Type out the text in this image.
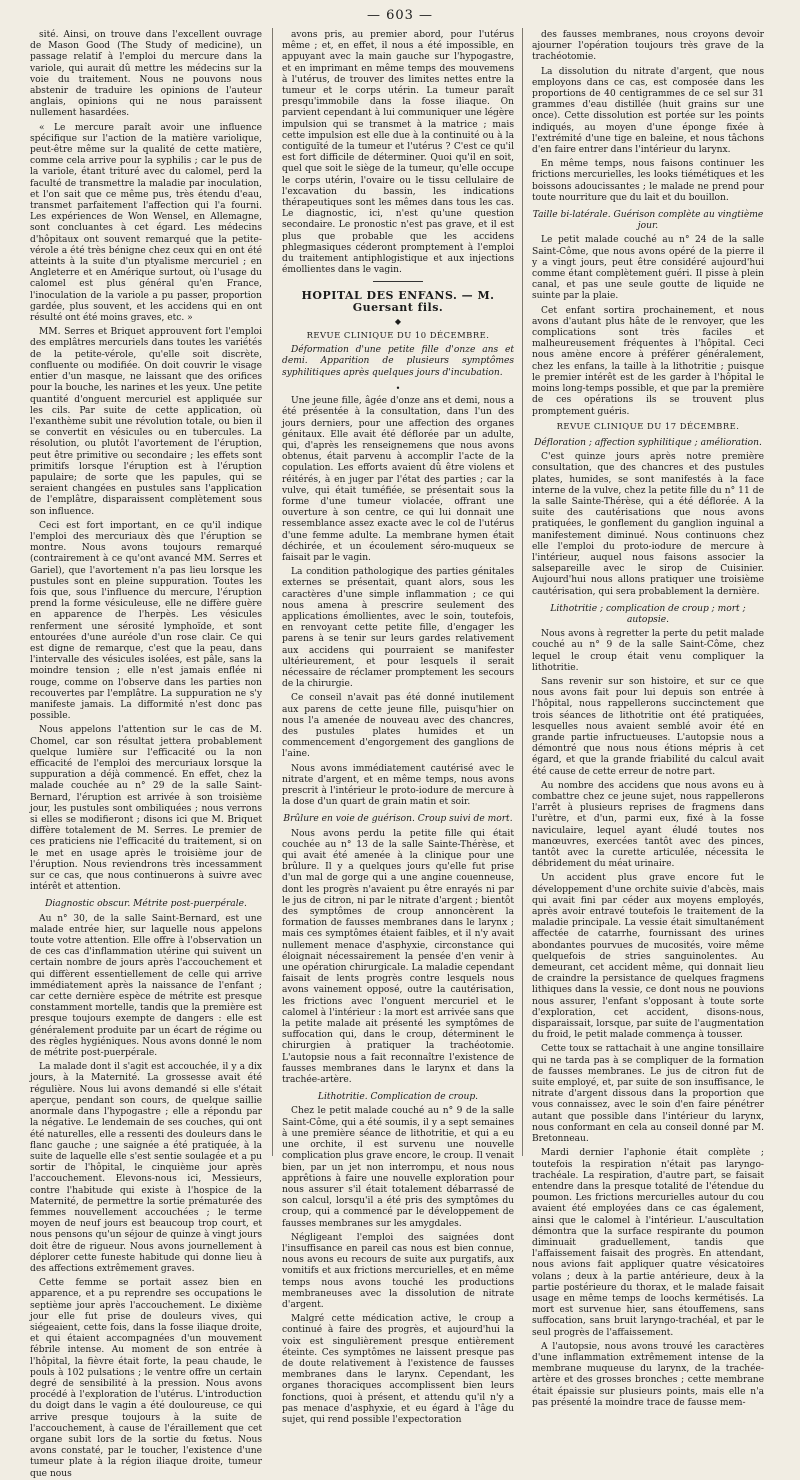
— 603 —

sité. Ainsi, on trouve dans l'excellent ouvrage de Mason Good (The Study of medicine), un passage relatif à l'emploi du mercure dans la variole, qui aurait dû mettre les médecins sur la voie du traitement. Nous ne pouvons nous abstenir de traduire les opinions de l'auteur anglais, opinions qui ne nous paraissent nullement hasardées.

« Le mercure paraît avoir une influence spécifique sur l'action de la matière variolique, peut-être même sur la qualité de cette matière, comme cela arrive pour la syphilis ; car le pus de la variole, étant trituré avec du calomel, perd la faculté de transmettre la maladie par inoculation, et l'on sait que ce même pus, très étendu d'eau, transmet parfaitement l'affection qui l'a fourni. Les expériences de Won Wensel, en Allemagne, sont concluantes à cet égard. Les médecins d'hôpitaux ont souvent remarqué que la petite-vérole a été très bénigne chez ceux qui en ont été atteints à la suite d'un ptyalisme mercuriel ; en Angleterre et en Amérique surtout, où l'usage du calomel est plus général qu'en France, l'inoculation de la variole a pu passer, proportion gardée, plus souvent, et les accidens qui en ont résulté ont été moins graves, etc. »

MM. Serres et Briquet approuvent fort l'emploi des emplâtres mercuriels dans toutes les variétés de la petite-vérole, qu'elle soit discrète, confluente ou modifiée. On doit couvrir le visage entier d'un masque, ne laissant que des orifices pour la bouche, les narines et les yeux. Une petite quantité d'onguent mercuriel est appliquée sur les cils. Par suite de cette application, où l'exanthème subit une révolution totale, ou bien il se convertit en vésicules ou en tubercules. La résolution, ou plutôt l'avortement de l'éruption, peut être primitive ou secondaire ; les effets sont primitifs lorsque l'éruption est à l'éruption papulaire; de sorte que les papules, qui se seraient changées en pustules sans l'application de l'emplâtre, disparaissent complètement sous son influence.

Ceci est fort important, en ce qu'il indique l'emploi des mercuriaux dès que l'éruption se montre. Nous avons toujours remarqué (contrairement à ce qu'ont avancé MM. Serres et Gariel), que l'avortement n'a pas lieu lorsque les pustules sont en pleine suppuration. Toutes les fois que, sous l'influence du mercure, l'éruption prend la forme vésiculeuse, elle ne diffère guère en apparence de l'herpès. Les vésicules renferment une sérosité lymphoïde, et sont entourées d'une auréole d'un rose clair. Ce qui est digne de remarque, c'est que la peau, dans l'intervalle des vésicules isolées, est pâle, sans la moindre tension ; elle n'est jamais enflée ni rouge, comme on l'observe dans les parties non recouvertes par l'emplâtre. La suppuration ne s'y manifeste jamais. La difformité n'est donc pas possible.

Nous appelons l'attention sur le cas de M. Chomel, car son résultat jettera probablement quelque lumière sur l'efficacité ou la non efficacité de l'emploi des mercuriaux lorsque la suppuration a déjà commencé. En effet, chez la malade couchée au n° 29 de la salle Saint-Bernard, l'éruption est arrivée à son troisième jour, les pustules sont ombiliquées ; nous verrons si elles se modifieront ; disons ici que M. Briquet diffère totalement de M. Serres. Le premier de ces praticiens nie l'efficacité du traitement, si on le met en usage après le troisième jour de l'éruption. Nous reviendrons très incessamment sur ce cas, que nous continuerons à suivre avec intérêt et attention.

Diagnostic obscur. Métrite post-puerpérale.

Au n° 30, de la salle Saint-Bernard, est une malade entrée hier, sur laquelle nous appelons toute votre attention. Elle offre à l'observation un de ces cas d'inflammation utérine qui suivent un certain nombre de jours après l'accouchement et qui diffèrent essentiellement de celle qui arrive immédiatement après la naissance de l'enfant ; car cette dernière espèce de métrite est presque constamment mortelle, tandis que la première est presque toujours exempte de dangers : elle est généralement produite par un écart de régime ou des règles hygiéniques. Nous avons donné le nom de métrite post-puerpérale.

La malade dont il s'agit est accouchée, il y a dix jours, à la Maternité. La grossesse avait été régulière. Nous lui avons demandé si elle s'était aperçue, pendant son cours, de quelque saillie anormale dans l'hypogastre ; elle a répondu par la négative. Le lendemain de ses couches, qui ont été naturelles, elle a ressenti des douleurs dans le flanc gauche ; une saignée a été pratiquée, à la suite de laquelle elle s'est sentie soulagée et a pu sortir de l'hôpital, le cinquième jour après l'accouchement. Elevons-nous ici, Messieurs, contre l'habitude qui existe à l'hospice de la Maternité, de permettre la sortie prématurée des femmes nouvellement accouchées ; le terme moyen de neuf jours est beaucoup trop court, et nous pensons qu'un séjour de quinze à vingt jours doit être de rigueur. Nous avons journellement à déplorer cette funeste habitude qui donne lieu à des affections extrêmement graves.

Cette femme se portait assez bien en apparence, et a pu reprendre ses occupations le septième jour après l'accouchement. Le dixième jour elle fut prise de douleurs vives, qui siégeaient, cette fois, dans la fosse iliaque droite, et qui étaient accompagnées d'un mouvement fébrile intense. Au moment de son entrée à l'hôpital, la fièvre était forte, la peau chaude, le pouls à 102 pulsations ; le ventre offre un certain degré de sensibilité à la pression. Nous avons procédé à l'exploration de l'utérus. L'introduction du doigt dans le vagin a été douloureuse, ce qui arrive presque toujours à la suite de l'accouchement, à cause de l'éraillement que cet organe subit lors de la sortie du fœtus. Nous avons constaté, par le toucher, l'existence d'une tumeur plate à la région iliaque droite, tumeur que nous

avons pris, au premier abord, pour l'utérus même ; et, en effet, il nous a été impossible, en appuyant avec la main gauche sur l'hypogastre, et en imprimant en même temps des mouvemens à l'utérus, de trouver des limites nettes entre la tumeur et le corps utérin. La tumeur paraît presqu'immobile dans la fosse iliaque. On parvient cependant à lui communiquer une légère impulsion qui se transmet à la matrice ; mais cette impulsion est elle due à la continuité ou à la contiguïté de la tumeur et l'utérus ? C'est ce qu'il est fort difficile de déterminer. Quoi qu'il en soit, quel que soit le siège de la tumeur, qu'elle occupe le corps utérin, l'ovaire ou le tissu cellulaire de l'excavation du bassin, les indications thérapeutiques sont les mêmes dans tous les cas. Le diagnostic, ici, n'est qu'une question secondaire. Le pronostic n'est pas grave, et il est plus que probable que les accidens phlegmasiques céderont promptement à l'emploi du traitement antiphlogistique et aux injections émollientes dans le vagin.

HOPITAL DES ENFANS. — M. Guersant fils.
◆
REVUE CLINIQUE DU 10 DÉCEMBRE.

Déformation d'une petite fille d'onze ans et demi. Apparition de plusieurs symptômes syphilitiques après quelques jours d'incubation.

•

Une jeune fille, âgée d'onze ans et demi, nous a été présentée à la consultation, dans l'un des jours derniers, pour une affection des organes génitaux. Elle avait été déflorée par un adulte, qui, d'après les renseignemens que nous avons obtenus, était parvenu à accomplir l'acte de la copulation. Les efforts avaient dû être violens et réitérés, à en juger par l'état des parties ; car la vulve, qui était tuméfiée, se présentait sous la forme d'une tumeur violacée, offrant une ouverture à son centre, ce qui lui donnait une ressemblance assez exacte avec le col de l'utérus d'une femme adulte. La membrane hymen était déchirée, et un écoulement séro-muqueux se faisait par le vagin.

La condition pathologique des parties génitales externes se présentait, quant alors, sous les caractères d'une simple inflammation ; ce qui nous amena à prescrire seulement des applications émollientes, avec le soin, toutefois, en renvoyant cette petite fille, d'engager les parens à se tenir sur leurs gardes relativement aux accidens qui pourraient se manifester ultérieurement, et pour lesquels il serait nécessaire de réclamer promptement les secours de la chirurgie.

Ce conseil n'avait pas été donné inutilement aux parens de cette jeune fille, puisqu'hier on nous l'a amenée de nouveau avec des chancres, des pustules plates humides et un commencement d'engorgement des ganglions de l'aine.

Nous avons immédiatement cautérisé avec le nitrate d'argent, et en même temps, nous avons prescrit à l'intérieur le proto-iodure de mercure à la dose d'un quart de grain matin et soir.

Brûlure en voie de guérison. Croup suivi de mort.

Nous avons perdu la petite fille qui était couchée au n° 13 de la salle Sainte-Thérèse, et qui avait été amenée à la clinique pour une brûlure. Il y a quelques jours qu'elle fut prise d'un mal de gorge qui a une angine couenneuse, dont les progrès n'avaient pu être enrayés ni par le jus de citron, ni par le nitrate d'argent ; bientôt des symptômes de croup annoncèrent la formation de fausses membranes dans le larynx ; mais ces symptômes étaient faibles, et il n'y avait nullement menace d'asphyxie, circonstance qui éloignait nécessairement la pensée d'en venir à une opération chirurgicale. La maladie cependant faisait de lents progrès contre lesquels nous avons vainement opposé, outre la cautérisation, les frictions avec l'onguent mercuriel et le calomel à l'intérieur : la mort est arrivée sans que la petite malade ait présenté les symptômes de suffocation qui, dans le croup, déterminent le chirurgien à pratiquer la trachéotomie. L'autopsie nous a fait reconnaître l'existence de fausses membranes dans le larynx et dans la trachée-artère.

Lithotritie. Complication de croup.

Chez le petit malade couché au n° 9 de la salle Saint-Côme, qui a été soumis, il y a sept semaines à une première séance de lithotritie, et qui a eu une orchite, il est survenu une nouvelle complication plus grave encore, le croup. Il venait bien, par un jet non interrompu, et nous nous apprêtions à faire une nouvelle exploration pour nous assurer s'il était totalement débarrassé de son calcul, lorsqu'il a été pris des symptômes du croup, qui a commencé par le développement de fausses membranes sur les amygdales.

Négligeant l'emploi des saignées dont l'insuffisance en pareil cas nous est bien connue, nous avons eu recours de suite aux purgatifs, aux vomitifs et aux frictions mercurielles, et en même temps nous avons touché les productions membraneuses avec la dissolution de nitrate d'argent.

Malgré cette médication active, le croup a continué à faire des progrès, et aujourd'hui la voix est singulièrement presque entièrement éteinte. Ces symptômes ne laissent presque pas de doute relativement à l'existence de fausses membranes dans le larynx. Cependant, les organes thoraciques accomplissent bien leurs fonctions, quoi à présent, et attendu qu'il n'y a pas menace d'asphyxie, et eu égard à l'âge du sujet, qui rend possible l'expectoration

des fausses membranes, nous croyons devoir ajourner l'opération toujours très grave de la trachéotomie.

La dissolution du nitrate d'argent, que nous employons dans ce cas, est composée dans les proportions de 40 centigrammes de ce sel sur 31 grammes d'eau distillée (huit grains sur une once). Cette dissolution est portée sur les points indiqués, au moyen d'une éponge fixée à l'extrémité d'une tige en baleine, et nous tâchons d'en faire entrer dans l'intérieur du larynx.

En même temps, nous faisons continuer les frictions mercurielles, les looks tiémétiques et les boissons adoucissantes ; le malade ne prend pour toute nourriture que du lait et du bouillon.

Taille bi-latérale. Guérison complète au vingtième jour.

Le petit malade couché au n° 24 de la salle Saint-Côme, que nous avons opéré de la pierre il y a vingt jours, peut être considéré aujourd'hui comme étant complètement guéri. Il pisse à plein canal, et pas une seule goutte de liquide ne suinte par la plaie.

Cet enfant sortira prochainement, et nous avons d'autant plus hâte de le renvoyer, que les complications sont très faciles et malheureusement fréquentes à l'hôpital. Ceci nous amène encore à préférer généralement, chez les enfans, la taille à la lithotritie ; puisque le premier intérêt est de les garder à l'hôpital le moins long-temps possible, et que par la première de ces opérations ils se trouvent plus promptement guéris.

REVUE CLINIQUE DU 17 DÉCEMBRE.

Défloration ; affection syphilitique ; amélioration.

C'est quinze jours après notre première consultation, que des chancres et des pustules plates, humides, se sont manifestés à la face interne de la vulve, chez la petite fille du n° 11 de la salle Sainte-Thérèse, qui a été déflorée. A la suite des cautérisations que nous avons pratiquées, le gonflement du ganglion inguinal a manifestement diminué. Nous continuons chez elle l'emploi du proto-iodure de mercure à l'intérieur, auquel nous faisons associer la salsepareille avec le sirop de Cuisinier. Aujourd'hui nous allons pratiquer une troisième cautérisation, qui sera probablement la dernière.

Lithotritie ; complication de croup ; mort ; autopsie.

Nous avons à regretter la perte du petit malade couché au n° 9 de la salle Saint-Côme, chez lequel le croup était venu compliquer la lithotritie.

Sans revenir sur son histoire, et sur ce que nous avons fait pour lui depuis son entrée à l'hôpital, nous rappellerons succinctement que trois séances de lithotritie ont été pratiquées, lesquelles nous avaient semblé avoir été en grande partie infructueuses. L'autopsie nous a démontré que nous nous étions mépris à cet égard, et que la grande friabilité du calcul avait été cause de cette erreur de notre part.

Au nombre des accidens que nous avons eu à combattre chez ce jeune sujet, nous rappellerons l'arrêt à plusieurs reprises de fragmens dans l'urètre, et d'un, parmi eux, fixé à la fosse naviculaire, lequel ayant éludé toutes nos manœuvres, exercées tantôt avec des pinces, tantôt avec la curette articulée, nécessita le débridement du méat urinaire.

Un accident plus grave encore fut le développement d'une orchite suivie d'abcès, mais qui avait fini par céder aux moyens employés, après avoir entravé toutefois le traitement de la maladie principale. La vessie était simultanément affectée de catarrhe, fournissant des urines abondantes pourvues de mucosités, voire même quelquefois de stries sanguinolentes. Au demeurant, cet accident même, qui donnait lieu de craindre la persistance de quelques fragmens lithiques dans la vessie, ce dont nous ne pouvions nous assurer, l'enfant s'opposant à toute sorte d'exploration, cet accident, disons-nous, disparaissait, lorsque, par suite de l'augmentation du froid, le petit malade commença à tousser.

Cette toux se rattachait à une angine tonsillaire qui ne tarda pas à se compliquer de la formation de fausses membranes. Le jus de citron fut de suite employé, et, par suite de son insuffisance, le nitrate d'argent dissous dans la proportion que vous connaissez, avec le soin d'en faire pénétrer autant que possible dans l'intérieur du larynx, nous conformant en cela au conseil donné par M. Bretonneau.

Mardi dernier l'aphonie était complète ; toutefois la respiration n'était pas laryngo-trachéale. La respiration, d'autre part, se faisait entendre dans la presque totalité de l'étendue du poumon. Les frictions mercurielles autour du cou avaient été employées dans ce cas également, ainsi que le calomel à l'intérieur. L'auscultation démontra que la surface respirante du poumon diminuait graduellement, tandis que l'affaissement faisait des progrès. En attendant, nous avions fait appliquer quatre vésicatoires volans ; deux à la partie antérieure, deux à la partie postérieure du thorax, et le malade faisait usage en même temps de loochs kermétisés. La mort est survenue hier, sans étouffemens, sans suffocation, sans bruit laryngo-trachéal, et par le seul progrès de l'affaissement.

A l'autopsie, nous avons trouvé les caractères d'une inflammation extrêmement intense de la membrane muqueuse du larynx, de la trachée-artère et des grosses bronches ; cette membrane était épaissie sur plusieurs points, mais elle n'a pas présenté la moindre trace de fausse mem-
